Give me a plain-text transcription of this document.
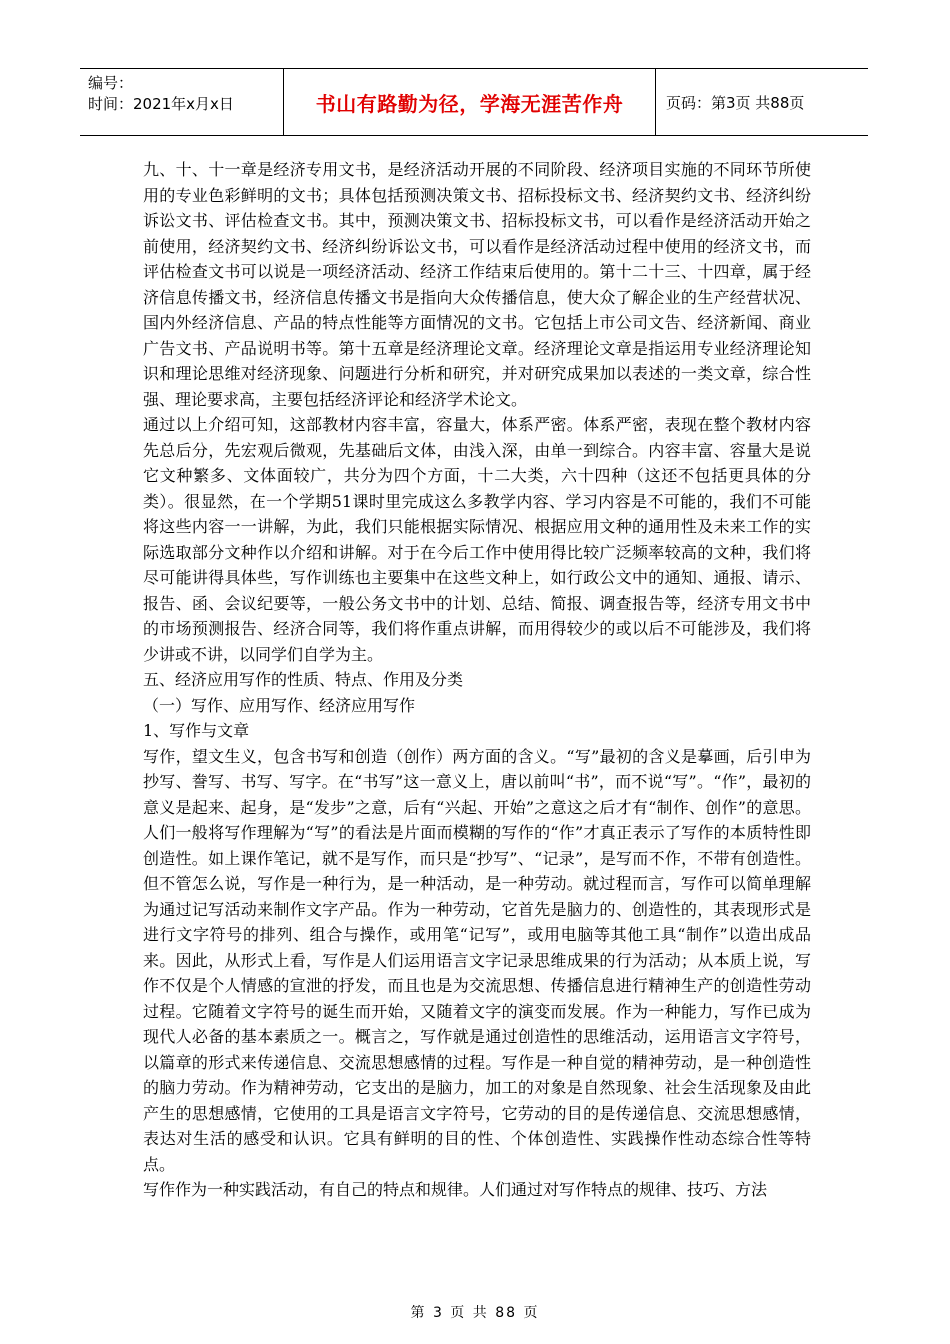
编号：
时间：2021年x月x日	书山有路勤为径，学海无涯苦作舟	页码：第3页 共88页

九、十、十一章是经济专用文书，是经济活动开展的不同阶段、经济项目实施的不同环节所使用的专业色彩鲜明的文书；具体包括预测决策文书、招标投标文书、经济契约文书、经济纠纷诉讼文书、评估检查文书。其中，预测决策文书、招标投标文书，可以看作是经济活动开始之前使用，经济契约文书、经济纠纷诉讼文书，可以看作是经济活动过程中使用的经济文书，而评估检查文书可以说是一项经济活动、经济工作结束后使用的。第十二十三、十四章，属于经济信息传播文书，经济信息传播文书是指向大众传播信息，使大众了解企业的生产经营状况、国内外经济信息、产品的特点性能等方面情况的文书。它包括上市公司文告、经济新闻、商业广告文书、产品说明书等。第十五章是经济理论文章。经济理论文章是指运用专业经济理论知识和理论思维对经济现象、问题进行分析和研究，并对研究成果加以表述的一类文章，综合性强、理论要求高，主要包括经济评论和经济学术论文。

通过以上介绍可知，这部教材内容丰富，容量大，体系严密。体系严密，表现在整个教材内容先总后分，先宏观后微观，先基础后文体，由浅入深，由单一到综合。内容丰富、容量大是说它文种繁多、文体面较广，共分为四个方面，十二大类，六十四种（这还不包括更具体的分类）。很显然，在一个学期51课时里完成这么多教学内容、学习内容是不可能的，我们不可能将这些内容一一讲解，为此，我们只能根据实际情况、根据应用文种的通用性及未来工作的实际选取部分文种作以介绍和讲解。对于在今后工作中使用得比较广泛频率较高的文种，我们将尽可能讲得具体些，写作训练也主要集中在这些文种上，如行政公文中的通知、通报、请示、报告、函、会议纪要等，一般公务文书中的计划、总结、简报、调查报告等，经济专用文书中的市场预测报告、经济合同等，我们将作重点讲解，而用得较少的或以后不可能涉及，我们将少讲或不讲，以同学们自学为主。

五、经济应用写作的性质、特点、作用及分类

（一）写作、应用写作、经济应用写作

1、写作与文章

写作，望文生义，包含书写和创造（创作）两方面的含义。“写”最初的含义是摹画，后引申为抄写、誊写、书写、写字。在“书写”这一意义上，唐以前叫“书”，而不说“写”。“作”，最初的意义是起来、起身，是“发步”之意，后有“兴起、开始”之意这之后才有“制作、创作”的意思。人们一般将写作理解为“写”的看法是片面而模糊的写作的“作”才真正表示了写作的本质特性即创造性。如上课作笔记，就不是写作，而只是“抄写”、“记录”，是写而不作，不带有创造性。但不管怎么说，写作是一种行为，是一种活动，是一种劳动。就过程而言，写作可以简单理解为通过记写活动来制作文字产品。作为一种劳动，它首先是脑力的、创造性的，其表现形式是进行文字符号的排列、组合与操作，或用笔“记写”，或用电脑等其他工具“制作”以造出成品来。因此，从形式上看，写作是人们运用语言文字记录思维成果的行为活动；从本质上说，写作不仅是个人情感的宣泄的抒发，而且也是为交流思想、传播信息进行精神生产的创造性劳动过程。它随着文字符号的诞生而开始，又随着文字的演变而发展。作为一种能力，写作已成为现代人必备的基本素质之一。概言之，写作就是通过创造性的思维活动，运用语言文字符号，以篇章的形式来传递信息、交流思想感情的过程。写作是一种自觉的精神劳动，是一种创造性的脑力劳动。作为精神劳动，它支出的是脑力，加工的对象是自然现象、社会生活现象及由此产生的思想感情，它使用的工具是语言文字符号，它劳动的目的是传递信息、交流思想感情，表达对生活的感受和认识。它具有鲜明的目的性、个体创造性、实践操作性动态综合性等特点。

写作作为一种实践活动，有自己的特点和规律。人们通过对写作特点的规律、技巧、方法

第 3 页 共 88 页
